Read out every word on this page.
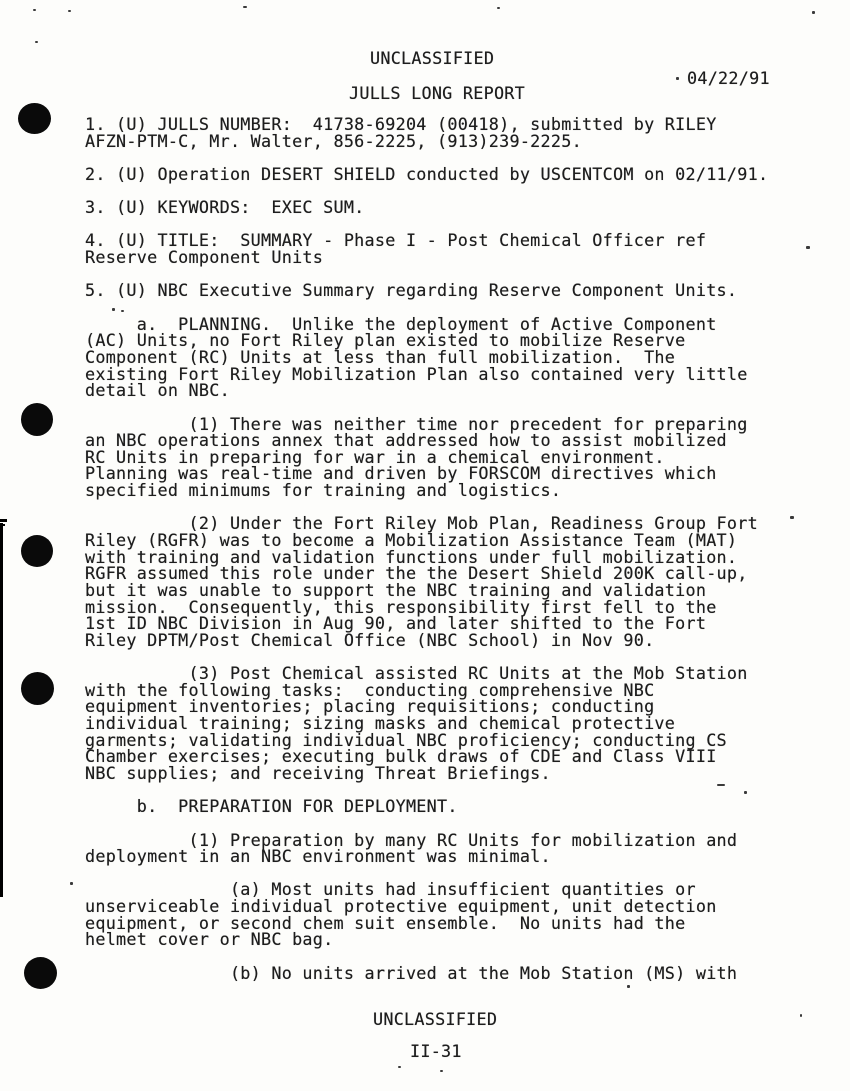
UNCLASSIFIED
04/22/91
JULLS LONG REPORT
1. (U) JULLS NUMBER:  41738-69204 (00418), submitted by RILEY
AFZN-PTM-C, Mr. Walter, 856-2225, (913)239-2225.
2. (U) Operation DESERT SHIELD conducted by USCENTCOM on 02/11/91.
3. (U) KEYWORDS:  EXEC SUM.
4. (U) TITLE:  SUMMARY - Phase I - Post Chemical Officer ref
Reserve Component Units
5. (U) NBC Executive Summary regarding Reserve Component Units.
a.  PLANNING.  Unlike the deployment of Active Component
(AC) Units, no Fort Riley plan existed to mobilize Reserve
Component (RC) Units at less than full mobilization.  The
existing Fort Riley Mobilization Plan also contained very little
detail on NBC.
(1) There was neither time nor precedent for preparing
an NBC operations annex that addressed how to assist mobilized
RC Units in preparing for war in a chemical environment.
Planning was real-time and driven by FORSCOM directives which
specified minimums for training and logistics.
(2) Under the Fort Riley Mob Plan, Readiness Group Fort
Riley (RGFR) was to become a Mobilization Assistance Team (MAT)
with training and validation functions under full mobilization.
RGFR assumed this role under the the Desert Shield 200K call-up,
but it was unable to support the NBC training and validation
mission.  Consequently, this responsibility first fell to the
1st ID NBC Division in Aug 90, and later shifted to the Fort
Riley DPTM/Post Chemical Office (NBC School) in Nov 90.
(3) Post Chemical assisted RC Units at the Mob Station
with the following tasks:  conducting comprehensive NBC
equipment inventories; placing requisitions; conducting
individual training; sizing masks and chemical protective
garments; validating individual NBC proficiency; conducting CS
Chamber exercises; executing bulk draws of CDE and Class VIII
NBC supplies; and receiving Threat Briefings.
b.  PREPARATION FOR DEPLOYMENT.
(1) Preparation by many RC Units for mobilization and
deployment in an NBC environment was minimal.
(a) Most units had insufficient quantities or
unserviceable individual protective equipment, unit detection
equipment, or second chem suit ensemble.  No units had the
helmet cover or NBC bag.
(b) No units arrived at the Mob Station (MS) with
UNCLASSIFIED
II-31
